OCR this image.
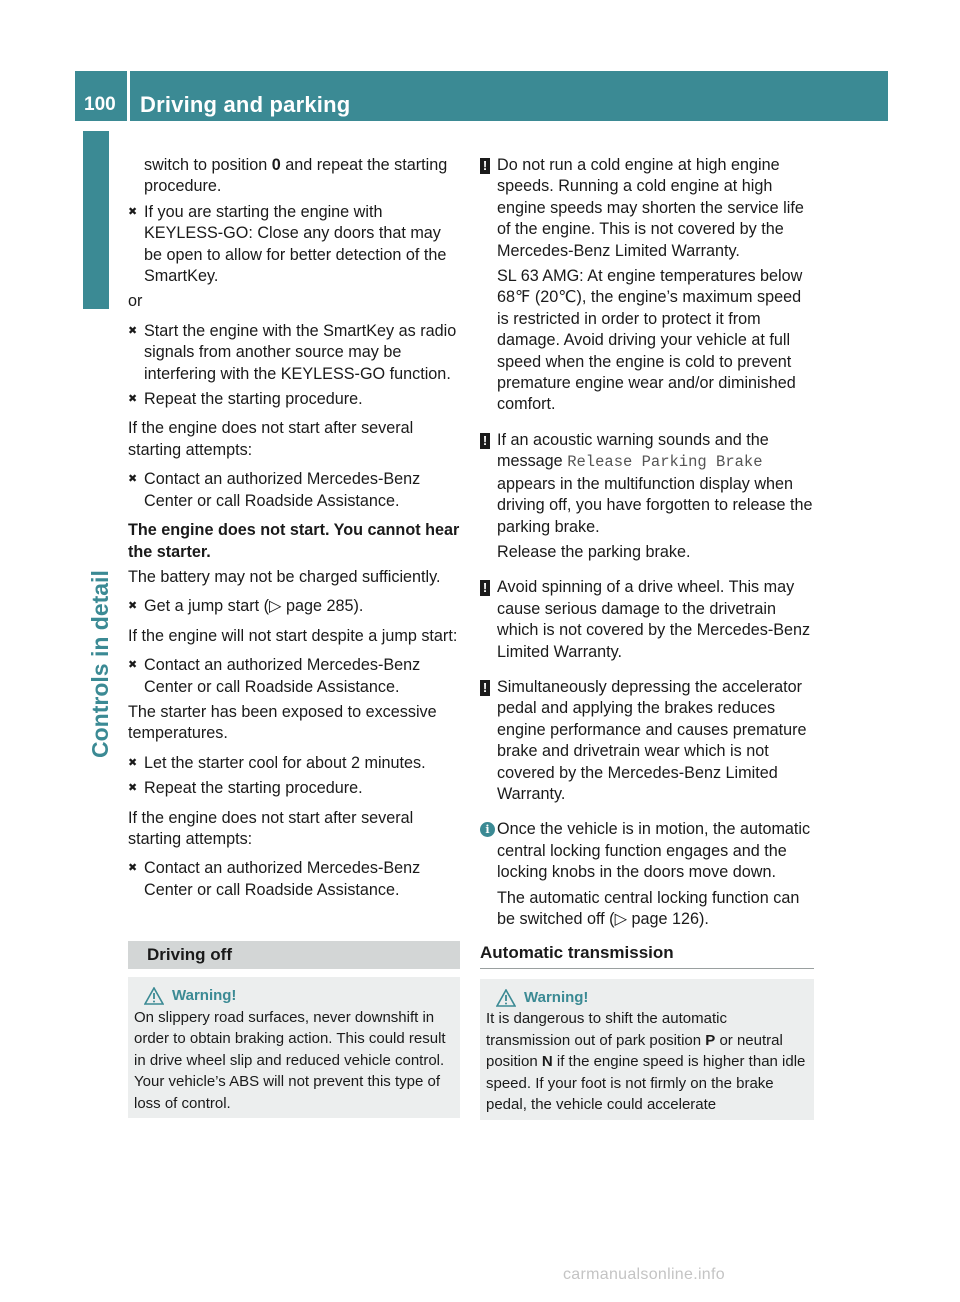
100 Driving and parking
Controls in detail

switch to position 0 and repeat the starting procedure.

✖ If you are starting the engine with KEYLESS-GO: Close any doors that may be open to allow for better detection of the SmartKey.

or

✖ Start the engine with the SmartKey as radio signals from another source may be interfering with the KEYLESS-GO function.
✖ Repeat the starting procedure.

If the engine does not start after several starting attempts:

✖ Contact an authorized Mercedes-Benz Center or call Roadside Assistance.

The engine does not start. You cannot hear the starter.

The battery may not be charged sufficiently.

✖ Get a jump start (▷ page 285).

If the engine will not start despite a jump start:

✖ Contact an authorized Mercedes-Benz Center or call Roadside Assistance.

The starter has been exposed to excessive temperatures.

✖ Let the starter cool for about 2 minutes.
✖ Repeat the starting procedure.

If the engine does not start after several starting attempts:

✖ Contact an authorized Mercedes-Benz Center or call Roadside Assistance.
Driving off
Warning!
On slippery road surfaces, never downshift in order to obtain braking action. This could result in drive wheel slip and reduced vehicle control. Your vehicle’s ABS will not prevent this type of loss of control.
! Do not run a cold engine at high engine speeds. Running a cold engine at high engine speeds may shorten the service life of the engine. This is not covered by the Mercedes-Benz Limited Warranty.
SL 63 AMG: At engine temperatures below 68℉ (20℃), the engine’s maximum speed is restricted in order to protect it from damage. Avoid driving your vehicle at full speed when the engine is cold to prevent premature engine wear and/or diminished comfort.
! If an acoustic warning sounds and the message Release Parking Brake appears in the multifunction display when driving off, you have forgotten to release the parking brake.
Release the parking brake.
! Avoid spinning of a drive wheel. This may cause serious damage to the drivetrain which is not covered by the Mercedes-Benz Limited Warranty.
! Simultaneously depressing the accelerator pedal and applying the brakes reduces engine performance and causes premature brake and drivetrain wear which is not covered by the Mercedes-Benz Limited Warranty.
i Once the vehicle is in motion, the automatic central locking function engages and the locking knobs in the doors move down.
The automatic central locking function can be switched off (▷ page 126).
Automatic transmission
Warning!
It is dangerous to shift the automatic transmission out of park position P or neutral position N if the engine speed is higher than idle speed. If your foot is not firmly on the brake pedal, the vehicle could accelerate
carmanualsonline.info
